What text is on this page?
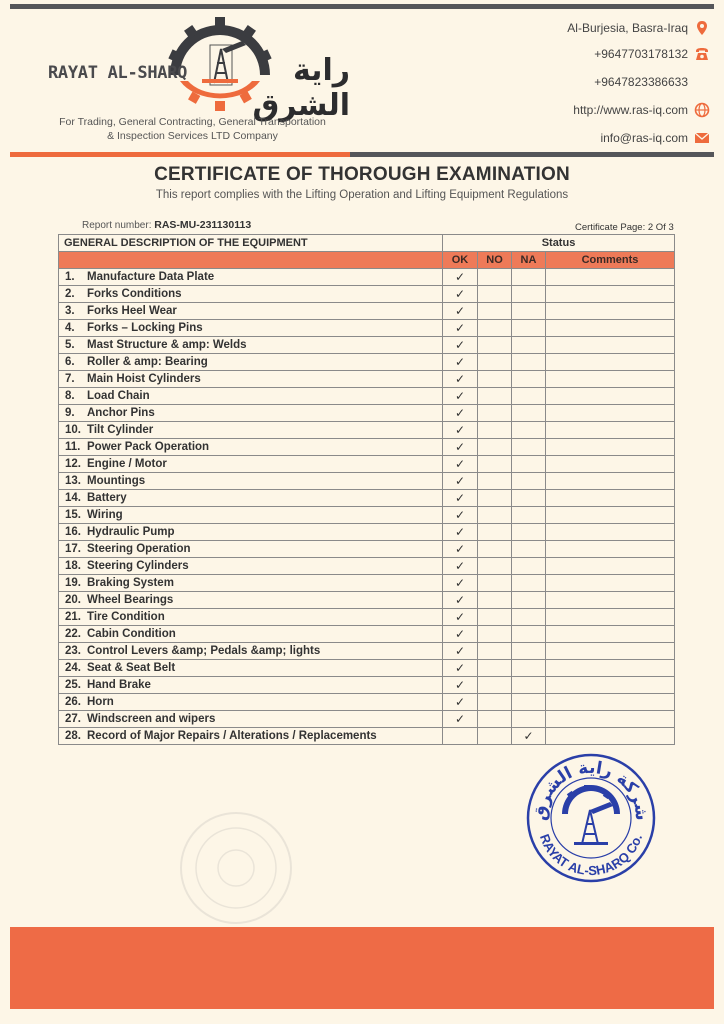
RAYAT AL-SHARQ	راية الشرق
For Trading, General Contracting, General Transportation
& Inspection Services LTD Company
Al-Burjesia, Basra-Iraq
+9647703178132
+9647823386633
http://www.ras-iq.com
info@ras-iq.com
CERTIFICATE OF THOROUGH EXAMINATION
This report complies with the Lifting Operation and Lifting Equipment Regulations
Report number: RAS-MU-231130113	Certificate Page: 2 Of 3
GENERAL DESCRIPTION OF THE EQUIPMENT	Status			
	OK	NO	NA	Comments
1. Manufacture Data Plate	✓			
2. Forks Conditions	✓			
3. Forks Heel Wear	✓			
4. Forks – Locking Pins	✓			
5. Mast Structure & amp: Welds	✓			
6. Roller & amp: Bearing	✓			
7. Main Hoist Cylinders	✓			
8. Load Chain	✓			
9. Anchor Pins	✓			
10. Tilt Cylinder	✓			
11. Power Pack Operation	✓			
12. Engine / Motor	✓			
13. Mountings	✓			
14. Battery	✓			
15. Wiring	✓			
16. Hydraulic Pump	✓			
17. Steering Operation	✓			
18. Steering Cylinders	✓			
19. Braking System	✓			
20. Wheel Bearings	✓			
21. Tire Condition	✓			
22. Cabin Condition	✓			
23. Control Levers &amp; Pedals &amp; lights	✓			
24. Seat & Seat Belt	✓			
25. Hand Brake	✓			
26. Horn	✓			
27. Windscreen and wipers	✓			
28. Record of Major Repairs / Alterations / Replacements			✓	
شركة راية الشرق
RAYAT AL-SHARQ Co.
